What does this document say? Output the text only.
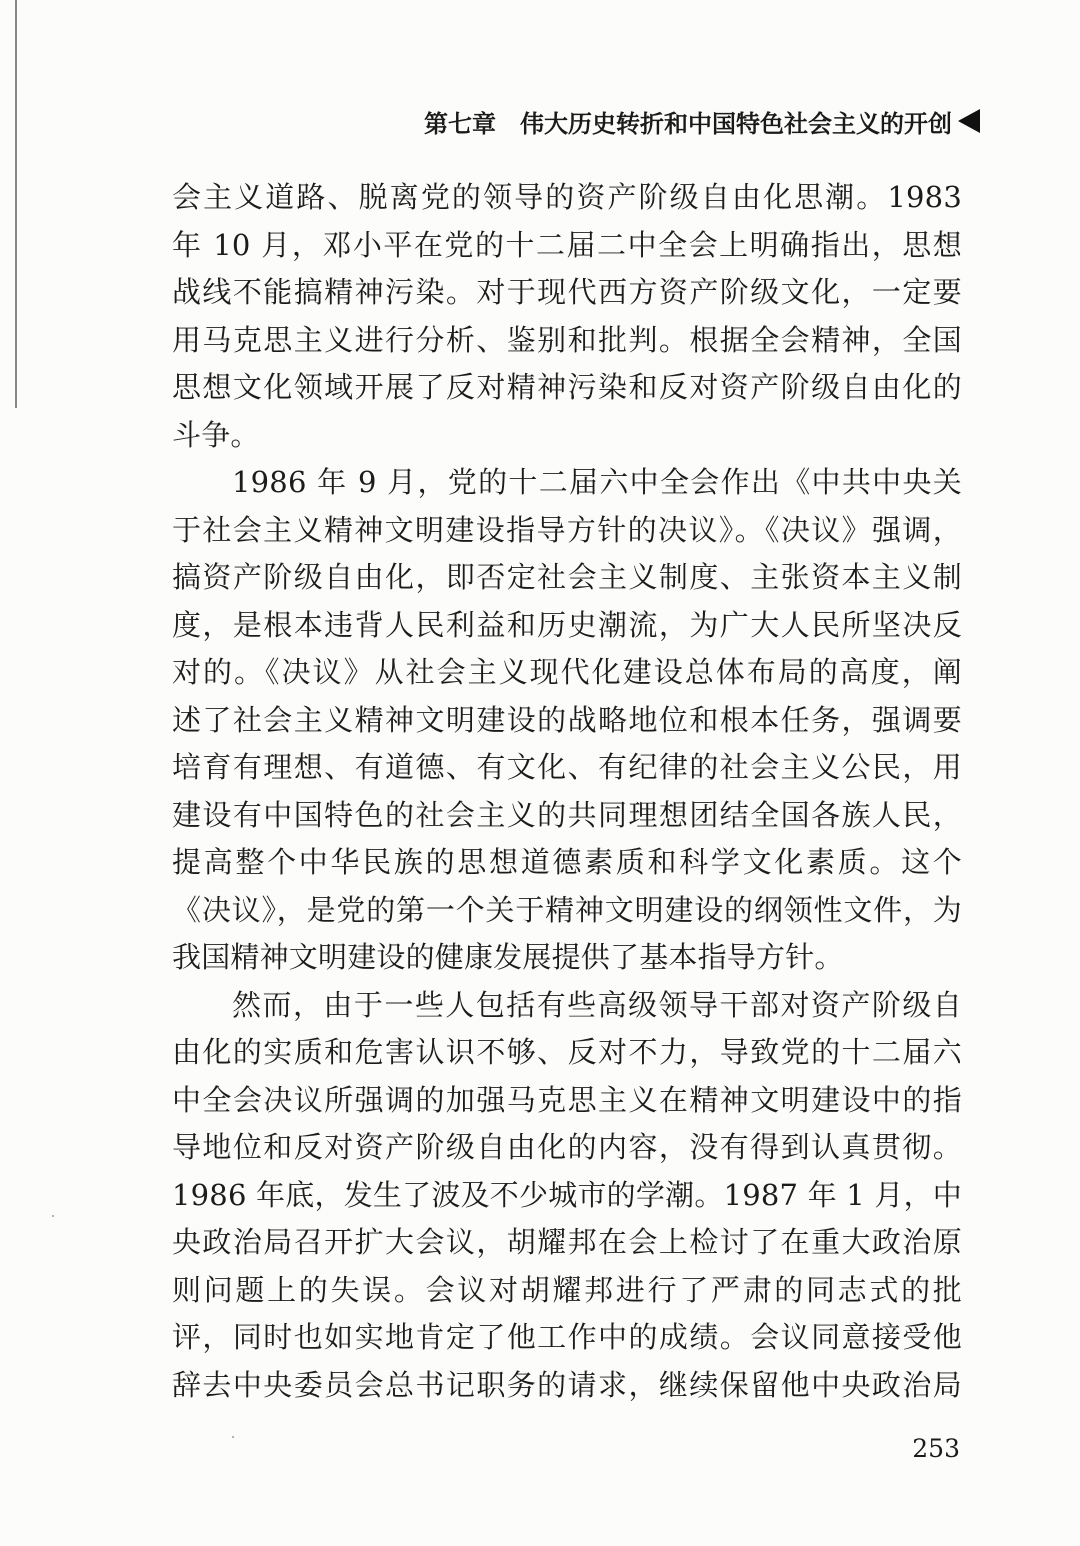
第七章 伟大历史转折和中国特色社会主义的开创
会主义道路、脱离党的领导的资产阶级自由化思潮。1983
年 10 月，邓小平在党的十二届二中全会上明确指出，思想
战线不能搞精神污染。对于现代西方资产阶级文化，一定要
用马克思主义进行分析、鉴别和批判。根据全会精神，全国
思想文化领域开展了反对精神污染和反对资产阶级自由化的
斗争。
1986 年 9 月，党的十二届六中全会作出《中共中央关
于社会主义精神文明建设指导方针的决议》。《决议》强调，
搞资产阶级自由化，即否定社会主义制度、主张资本主义制
度，是根本违背人民利益和历史潮流，为广大人民所坚决反
对的。《决议》从社会主义现代化建设总体布局的高度，阐
述了社会主义精神文明建设的战略地位和根本任务，强调要
培育有理想、有道德、有文化、有纪律的社会主义公民，用
建设有中国特色的社会主义的共同理想团结全国各族人民，
提高整个中华民族的思想道德素质和科学文化素质。这个
《决议》，是党的第一个关于精神文明建设的纲领性文件，为
我国精神文明建设的健康发展提供了基本指导方针。
然而，由于一些人包括有些高级领导干部对资产阶级自
由化的实质和危害认识不够、反对不力，导致党的十二届六
中全会决议所强调的加强马克思主义在精神文明建设中的指
导地位和反对资产阶级自由化的内容，没有得到认真贯彻。
1986 年底，发生了波及不少城市的学潮。1987 年 1 月，中
央政治局召开扩大会议，胡耀邦在会上检讨了在重大政治原
则问题上的失误。会议对胡耀邦进行了严肃的同志式的批
评，同时也如实地肯定了他工作中的成绩。会议同意接受他
辞去中央委员会总书记职务的请求，继续保留他中央政治局
253
